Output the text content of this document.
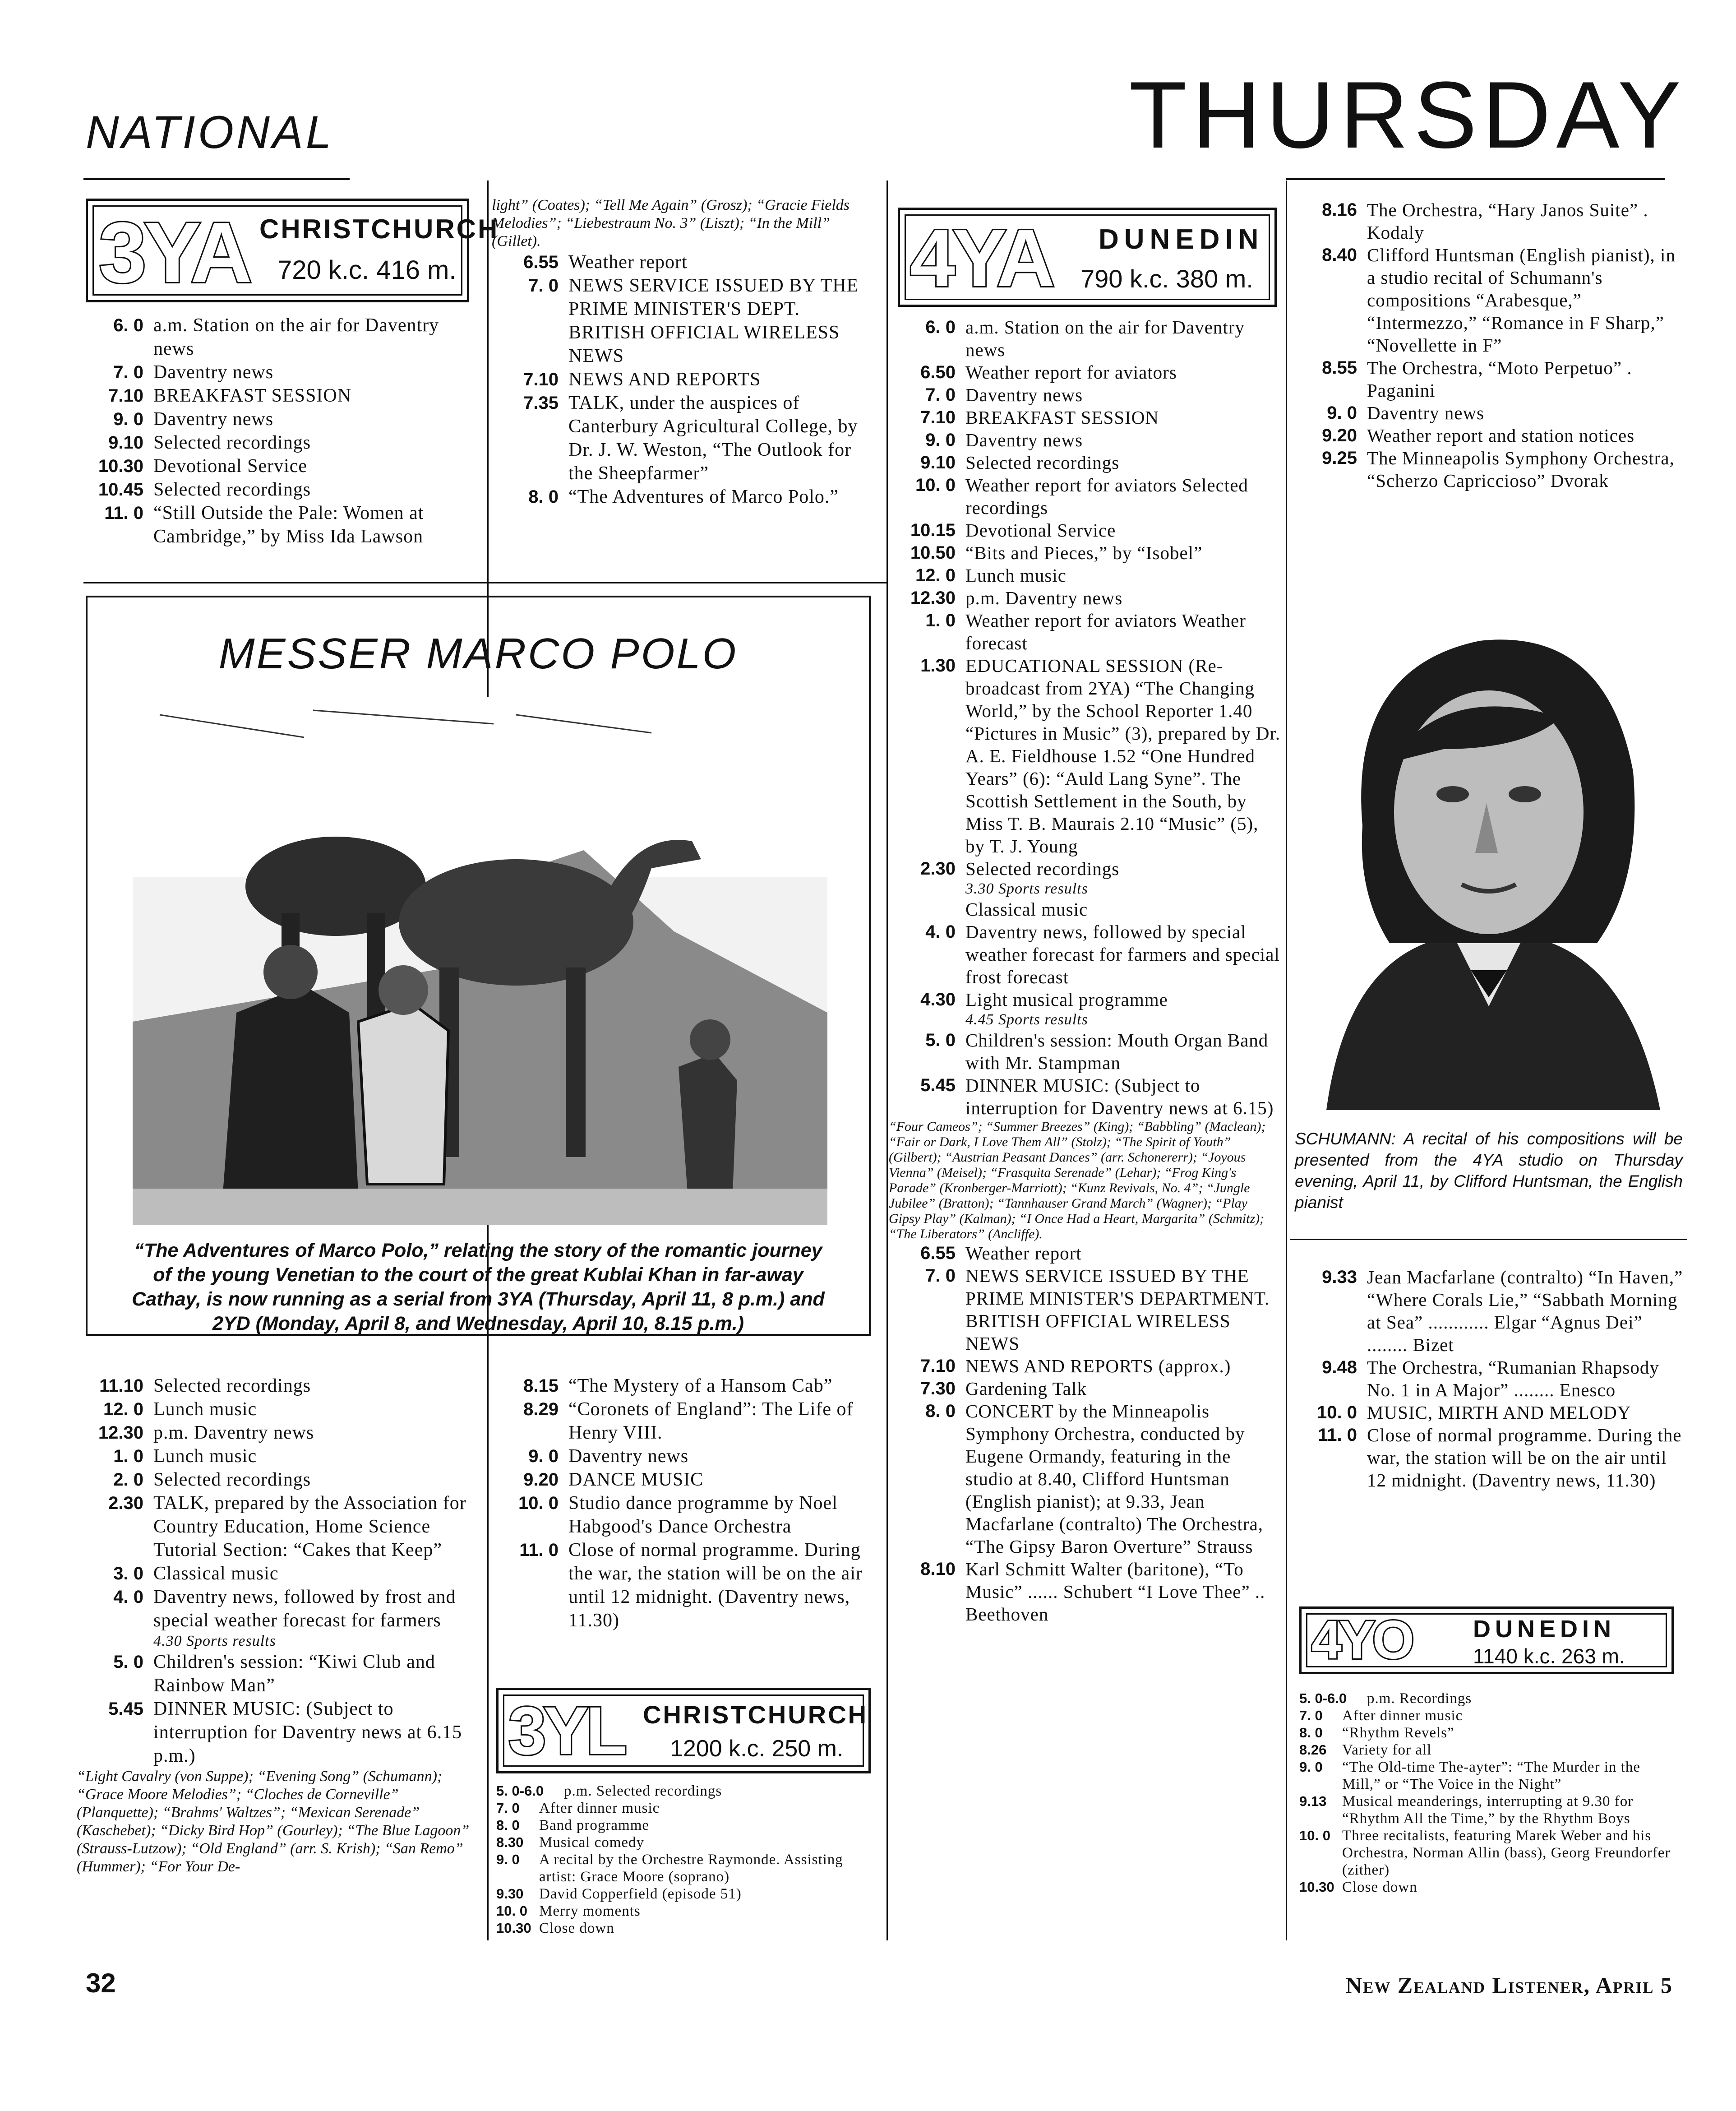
NATIONAL	THURSDAY
3YA CHRISTCHURCH
720 k.c. 416 m.
6. 0 a.m. Station on the air for Daventry news
7. 0 Daventry news
7.10 BREAKFAST SESSION
9. 0 Daventry news
9.10 Selected recordings
10.30 Devotional Service
10.45 Selected recordings
11. 0 “Still Outside the Pale: Women at Cambridge,” by Miss Ida Lawson
light” (Coates); “Tell Me Again” (Grosz); “Gracie Fields Melodies”; “Liebestraum No. 3” (Liszt); “In the Mill” (Gillet).
6.55 Weather report
7. 0 NEWS SERVICE ISSUED BY THE PRIME MINISTER'S DEPT. BRITISH OFFICIAL WIRELESS NEWS
7.10 NEWS AND REPORTS
7.35 TALK, under the auspices of Canterbury Agricultural College, by Dr. J. W. Weston, “The Outlook for the Sheepfarmer”
8. 0 “The Adventures of Marco Polo.”
MESSER MARCO POLO
“The Adventures of Marco Polo,” relating the story of the romantic journey of the young Venetian to the court of the great Kublai Khan in far-away Cathay, is now running as a serial from 3YA (Thursday, April 11, 8 p.m.) and 2YD (Monday, April 8, and Wednesday, April 10, 8.15 p.m.)
11.10 Selected recordings
12. 0 Lunch music
12.30 p.m. Daventry news
1. 0 Lunch music
2. 0 Selected recordings
2.30 TALK, prepared by the Association for Country Education, Home Science Tutorial Section: “Cakes that Keep”
3. 0 Classical music
4. 0 Daventry news, followed by frost and special weather forecast for farmers
4.30 Sports results
5. 0 Children's session: “Kiwi Club and Rainbow Man”
5.45 DINNER MUSIC: (Subject to interruption for Daventry news at 6.15 p.m.)
“Light Cavalry (von Suppe); “Evening Song” (Schumann); “Grace Moore Melodies”; “Cloches de Corneville” (Planquette); “Brahms' Waltzes”; “Mexican Serenade” (Kaschebet); “Dicky Bird Hop” (Gourley); “The Blue Lagoon” (Strauss-Lutzow); “Old England” (arr. S. Krish); “San Remo” (Hummer); “For Your De-
8.15 “The Mystery of a Hansom Cab”
8.29 “Coronets of England”: The Life of Henry VIII.
9. 0 Daventry news
9.20 DANCE MUSIC
10. 0 Studio dance programme by Noel Habgood's Dance Orchestra
11. 0 Close of normal programme. During the war, the station will be on the air until 12 midnight. (Daventry news, 11.30)
3YL CHRISTCHURCH
1200 k.c. 250 m.
5. 0-6.0	p.m. Selected recordings
7. 0	After dinner music
8. 0	Band programme
8.30	Musical comedy
9. 0	A recital by the Orchestre Raymonde. Assisting artist: Grace Moore (soprano)
9.30	David Copperfield (episode 51)
10. 0 Merry moments
10.30 Close down
4YA DUNEDIN
790 k.c. 380 m.
6. 0 a.m. Station on the air for Daventry news
6.50 Weather report for aviators
7. 0 Daventry news
7.10 BREAKFAST SESSION
9. 0 Daventry news
9.10 Selected recordings
10. 0 Weather report for aviators Selected recordings
10.15 Devotional Service
10.50 “Bits and Pieces,” by “Isobel”
12. 0 Lunch music
12.30 p.m. Daventry news
1. 0 Weather report for aviators Weather forecast
1.30 EDUCATIONAL SESSION (Re-broadcast from 2YA) “The Changing World,” by the School Reporter 1.40 “Pictures in Music” (3), prepared by Dr. A. E. Fieldhouse 1.52 “One Hundred Years” (6): “Auld Lang Syne”. The Scottish Settlement in the South, by Miss T. B. Maurais 2.10 “Music” (5), by T. J. Young
2.30 Selected recordings
3.30 Sports results
Classical music
4. 0 Daventry news, followed by special weather forecast for farmers and special frost forecast
4.30 Light musical programme
4.45 Sports results
5. 0 Children's session: Mouth Organ Band with Mr. Stampman
5.45 DINNER MUSIC: (Subject to interruption for Daventry news at 6.15)
“Four Cameos”; “Summer Breezes” (King); “Babbling” (Maclean); “Fair or Dark, I Love Them All” (Stolz); “The Spirit of Youth” (Gilbert); “Austrian Peasant Dances” (arr. Schonererr); “Joyous Vienna” (Meisel); “Frasquita Serenade” (Lehar); “Frog King's Parade” (Kronberger-Marriott); “Kunz Revivals, No. 4”; “Jungle Jubilee” (Bratton); “Tannhauser Grand March” (Wagner); “Play Gipsy Play” (Kalman); “I Once Had a Heart, Margarita” (Schmitz); “The Liberators” (Ancliffe).
6.55 Weather report
7. 0 NEWS SERVICE ISSUED BY THE PRIME MINISTER'S DEPARTMENT. BRITISH OFFICIAL WIRELESS NEWS
7.10 NEWS AND REPORTS (approx.)
7.30 Gardening Talk
8. 0 CONCERT by the Minneapolis Symphony Orchestra, conducted by Eugene Ormandy, featuring in the studio at 8.40, Clifford Huntsman (English pianist); at 9.33, Jean Macfarlane (contralto) The Orchestra, “The Gipsy Baron Overture” Strauss
8.10 Karl Schmitt Walter (baritone), “To Music” ...... Schubert “I Love Thee” .. Beethoven
8.16 The Orchestra, “Hary Janos Suite” . Kodaly
8.40 Clifford Huntsman (English pianist), in a studio recital of Schumann's compositions “Arabesque,” “Intermezzo,” “Romance in F Sharp,” “Novellette in F”
8.55 The Orchestra, “Moto Perpetuo” . Paganini
9. 0 Daventry news
9.20 Weather report and station notices
9.25 The Minneapolis Symphony Orchestra, “Scherzo Capriccioso” Dvorak
SCHUMANN: A recital of his compositions will be presented from the 4YA studio on Thursday evening, April 11, by Clifford Huntsman, the English pianist
9.33 Jean Macfarlane (contralto) “In Haven,” “Where Corals Lie,” “Sabbath Morning at Sea” ............ Elgar “Agnus Dei” ........ Bizet
9.48 The Orchestra, “Rumanian Rhapsody No. 1 in A Major” ........ Enesco
10. 0 MUSIC, MIRTH AND MELODY
11. 0 Close of normal programme. During the war, the station will be on the air until 12 midnight. (Daventry news, 11.30)
4YO	DUNEDIN
1140 k.c. 263 m.
5. 0-6.0	p.m. Recordings
7. 0	After dinner music
8. 0	“Rhythm Revels”
8.26	Variety for all
9. 0	“The Old-time The-ayter”: “The Murder in the Mill,” or “The Voice in the Night”
9.13	Musical meanderings, interrupting at 9.30 for “Rhythm All the Time,” by the Rhythm Boys
10. 0 Three recitalists, featuring Marek Weber and his Orchestra, Norman Allin (bass), Georg Freundorfer (zither)
10.30 Close down
32	New Zealand Listener, April 5
